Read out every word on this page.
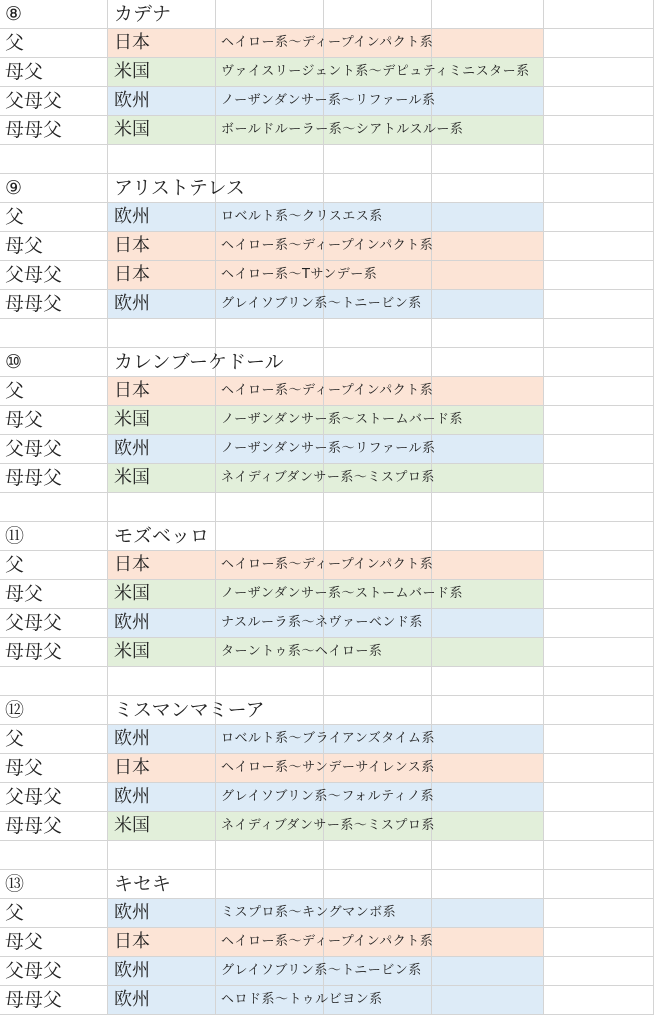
⑧	カデナ
父	日本	ヘイロー系～ディープインパクト系
母父	米国	ヴァイスリージェント系～デピュティミニスター系
父母父	欧州	ノーザンダンサー系～リファール系
母母父	米国	ボールドルーラー系～シアトルスルー系
⑨	アリストテレス
父	欧州	ロベルト系～クリスエス系
母父	日本	ヘイロー系～ディープインパクト系
父母父	日本	ヘイロー系～Tサンデー系
母母父	欧州	グレイソブリン系～トニービン系
⑩	カレンブーケドール
父	日本	ヘイロー系～ディープインパクト系
母父	米国	ノーザンダンサー系～ストームバード系
父母父	欧州	ノーザンダンサー系～リファール系
母母父	米国	ネイディブダンサー系～ミスプロ系
⑪	モズベッロ
父	日本	ヘイロー系～ディープインパクト系
母父	米国	ノーザンダンサー系～ストームバード系
父母父	欧州	ナスルーラ系～ネヴァーベンド系
母母父	米国	ターントゥ系～ヘイロー系
⑫	ミスマンマミーア
父	欧州	ロベルト系～ブライアンズタイム系
母父	日本	ヘイロー系～サンデーサイレンス系
父母父	欧州	グレイソブリン系～フォルティノ系
母母父	米国	ネイディブダンサー系～ミスプロ系
⑬	キセキ
父	欧州	ミスプロ系～キングマンボ系
母父	日本	ヘイロー系～ディープインパクト系
父母父	欧州	グレイソブリン系～トニービン系
母母父	欧州	ヘロド系～トゥルビヨン系
